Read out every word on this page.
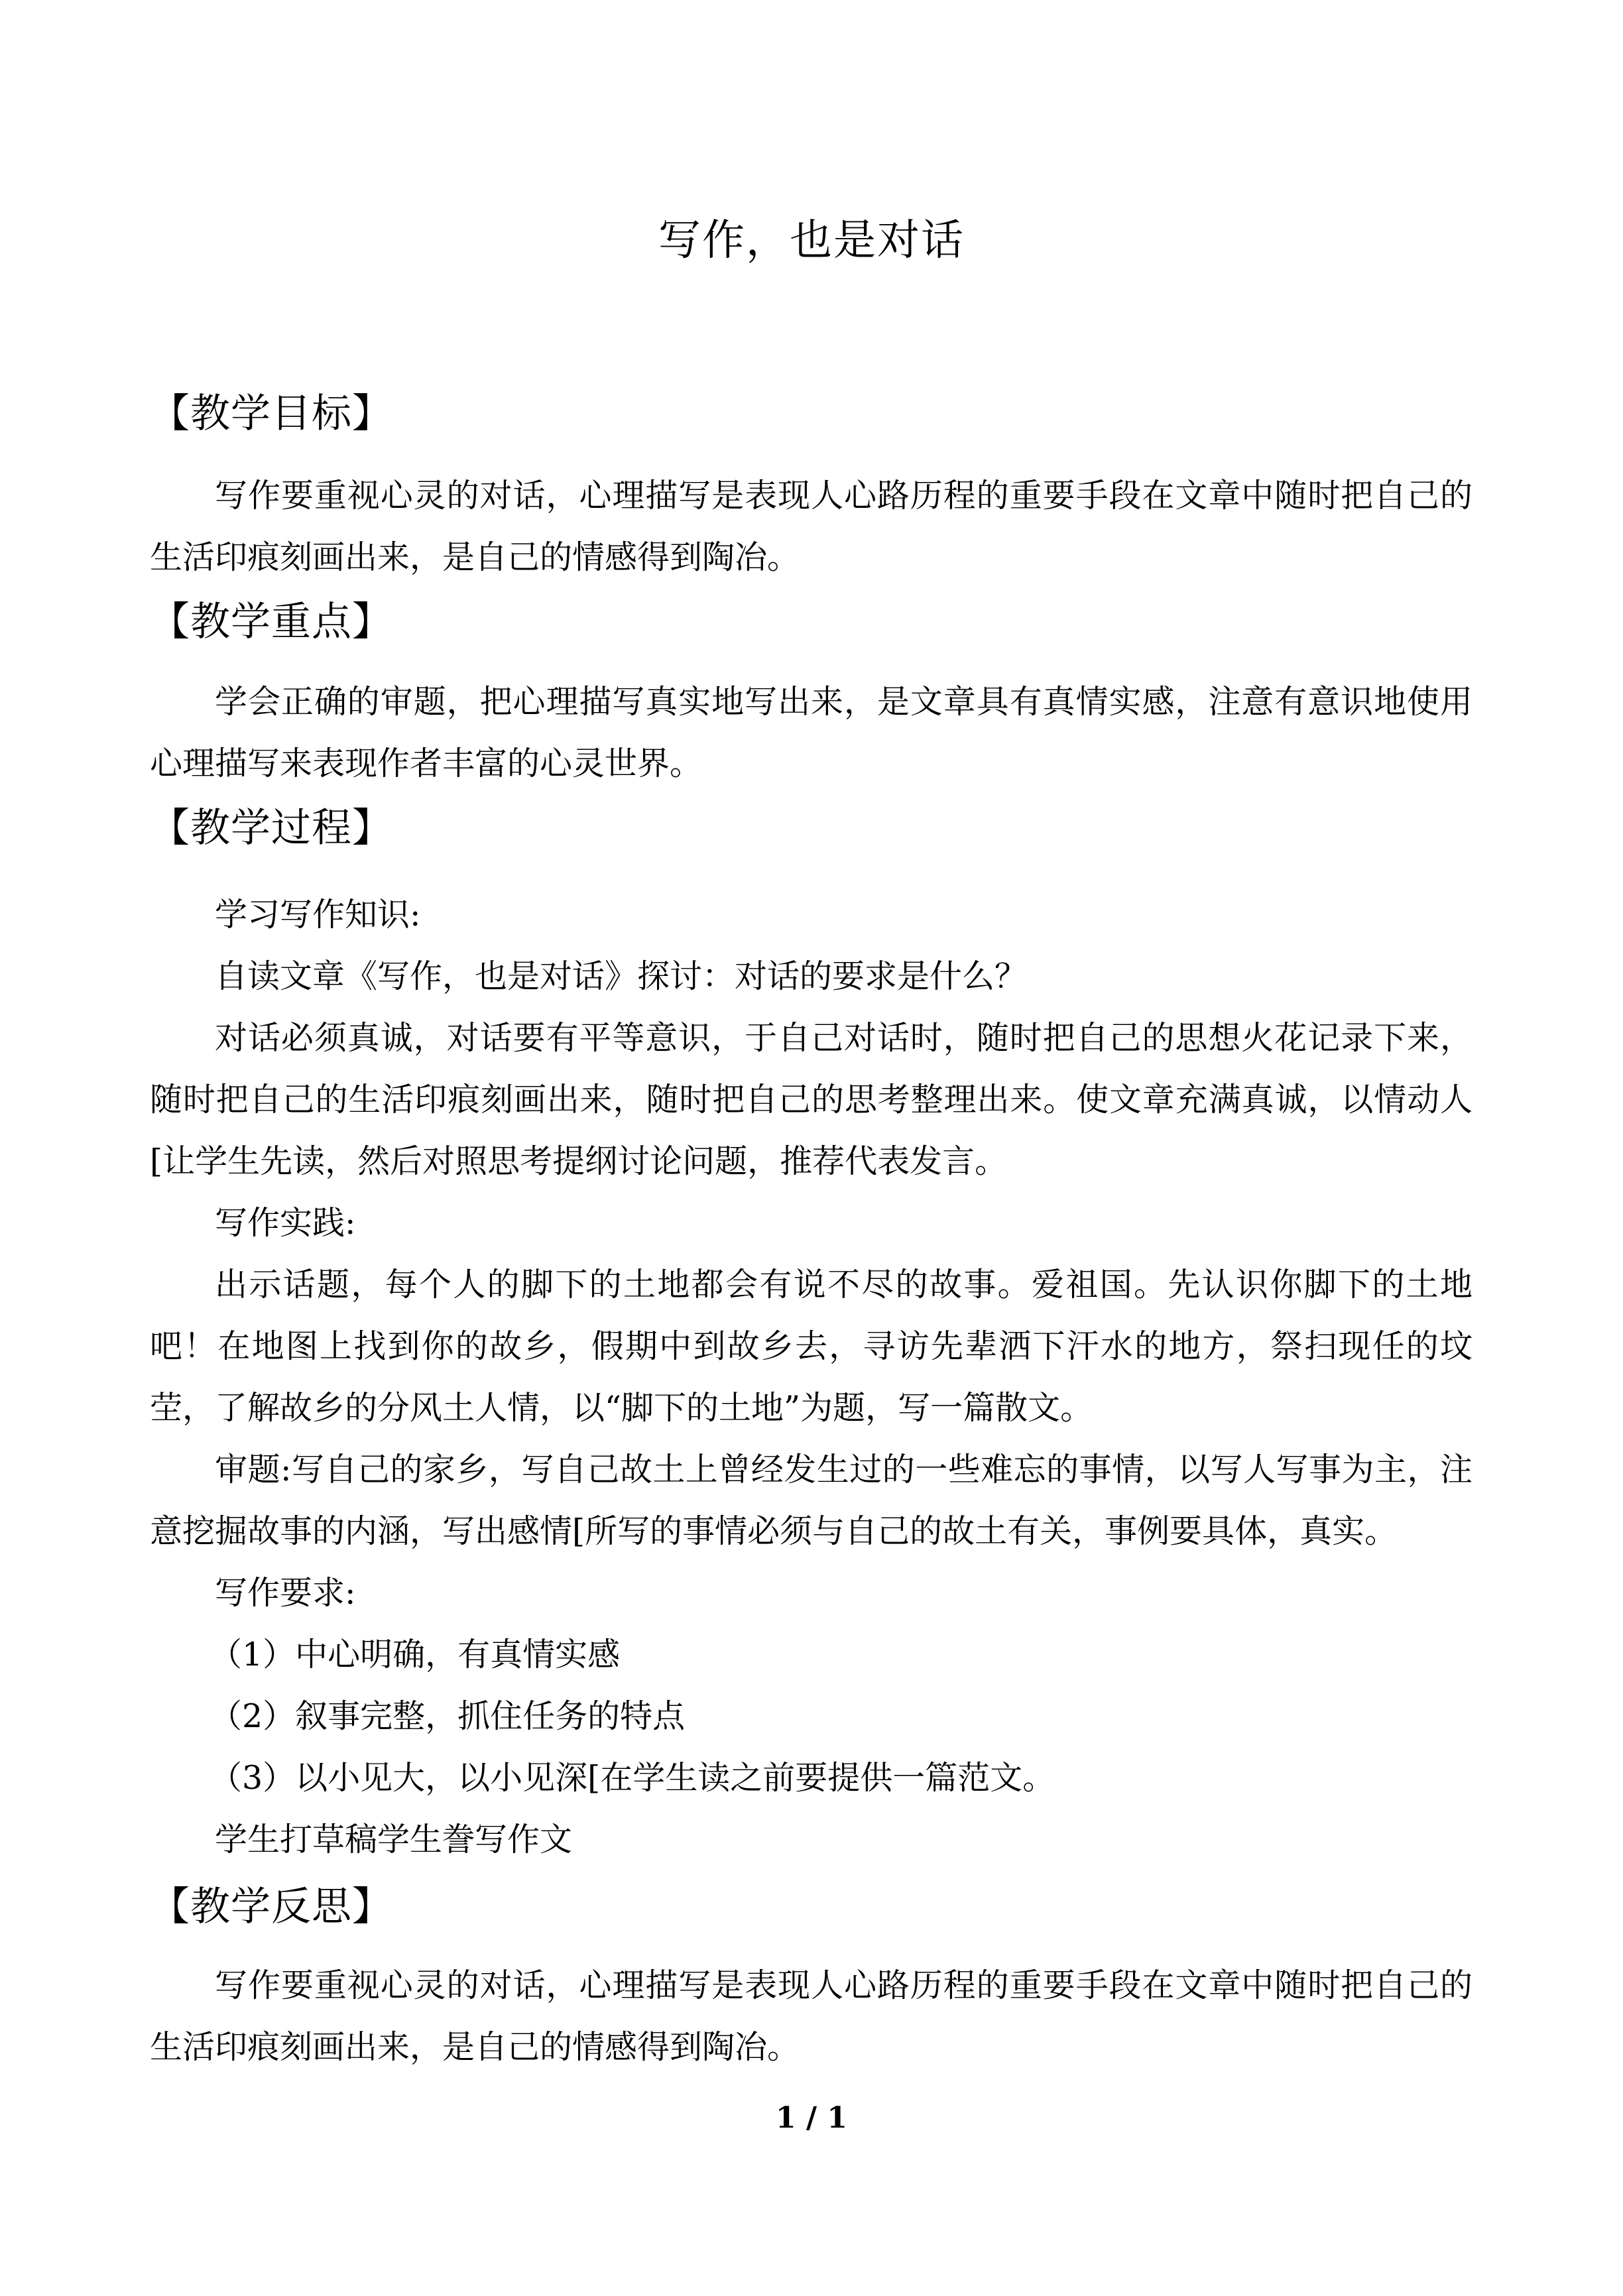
写作，也是对话
【教学目标】
写作要重视心灵的对话，心理描写是表现人心路历程的重要手段在文章中随时把自己的生活印痕刻画出来，是自己的情感得到陶冶。
【教学重点】
学会正确的审题，把心理描写真实地写出来，是文章具有真情实感，注意有意识地使用心理描写来表现作者丰富的心灵世界。
【教学过程】
学习写作知识:
自读文章《写作，也是对话》探讨：对话的要求是什么？
对话必须真诚，对话要有平等意识，于自己对话时，随时把自己的思想火花记录下来，随时把自己的生活印痕刻画出来，随时把自己的思考整理出来。使文章充满真诚，以情动人[让学生先读，然后对照思考提纲讨论问题，推荐代表发言。
写作实践:
出示话题，每个人的脚下的土地都会有说不尽的故事。爱祖国。先认识你脚下的土地吧！在地图上找到你的故乡，假期中到故乡去，寻访先辈洒下汗水的地方，祭扫现任的坟茔，了解故乡的分风土人情，以“脚下的土地”为题，写一篇散文。
审题:写自己的家乡，写自己故土上曾经发生过的一些难忘的事情，以写人写事为主，注意挖掘故事的内涵，写出感情[所写的事情必须与自己的故土有关，事例要具体，真实。
写作要求:
（1）中心明确，有真情实感
（2）叙事完整，抓住任务的特点
（3）以小见大，以小见深[在学生读之前要提供一篇范文。
学生打草稿学生誊写作文
【教学反思】
写作要重视心灵的对话，心理描写是表现人心路历程的重要手段在文章中随时把自己的生活印痕刻画出来，是自己的情感得到陶冶。
1 / 1
